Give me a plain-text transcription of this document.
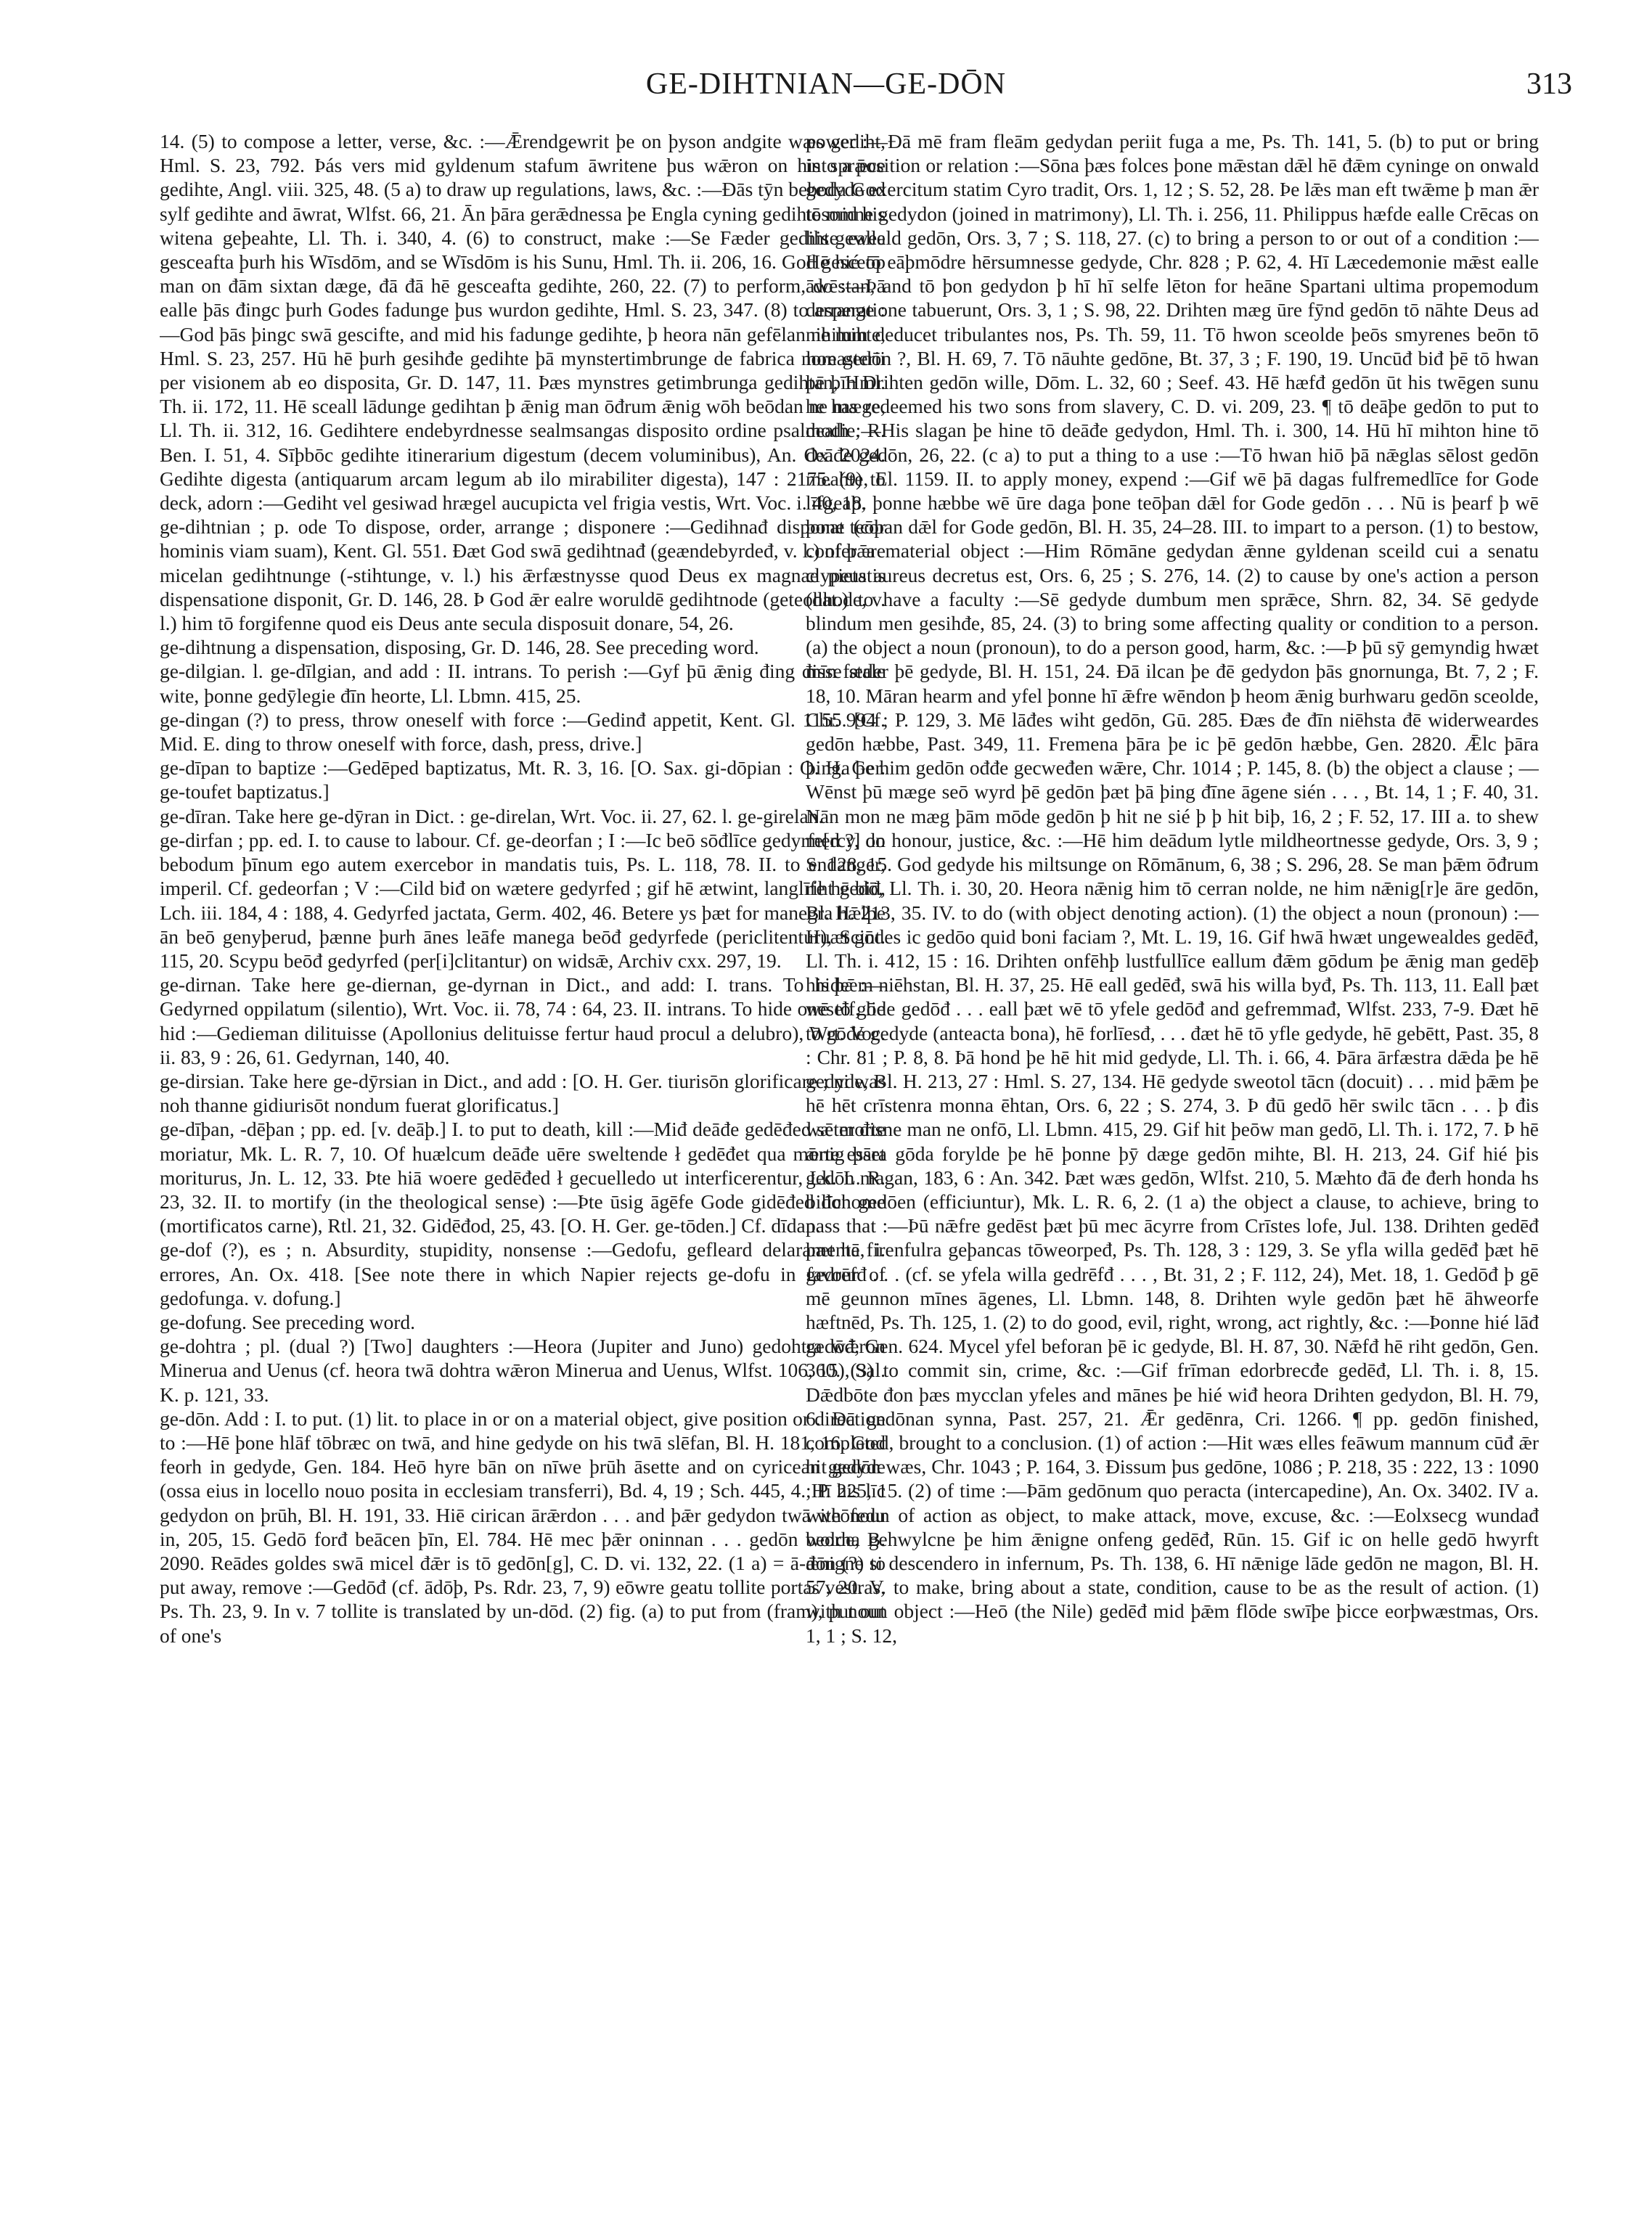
GE-DIHTNIAN—GE-DŌN	313

14. (5) to compose a letter, verse, &c. :—Ǣrendgewrit þe on þyson andgite wæs gediht, Hml. S. 23, 792. Þás vers mid gyldenum stafum āwritene þus wǣron on his sprǣce gedihte, Angl. viii. 325, 48. (5 a) to draw up regulations, laws, &c. :—Đās tȳn beboda God sylf gedihte and āwrat, Wlfst. 66, 21. Ān þāra gerǣdnessa þe Engla cyning gedihte mid his witena geþeahte, Ll. Th. i. 340, 4. (6) to construct, make :—Se Fæder gedihte ealle gesceafta þurh his Wīsdōm, and se Wīsdōm is his Sunu, Hml. Th. ii. 206, 16. God gesceōp man on đām sixtan dæge, đā đā hē gesceafta gedihte, 260, 22. (7) to perform, do :—Þā ealle þās đingc þurh Godes fadunge þus wurdon gedihte, Hml. S. 23, 347. (8) to arrange :—God þās þingc swā gescifte, and mid his fadunge gedihte, þ heora nān gefēlan ne mihte, Hml. S. 23, 257. Hū hē þurh gesihđe gedihte þā mynstertimbrunge de fabrica monasterii per visionem ab eo disposita, Gr. D. 147, 11. Þæs mynstres getimbrunga gedihtan, Hml. Th. ii. 172, 11. Hē sceall lādunge gedihtan þ ǣnig man ōđrum ǣnig wōh beōdan ne mæge, Ll. Th. ii. 312, 16. Gedihtere endebyrdnesse sealmsangas disposito ordine psalmodie, R. Ben. I. 51, 4. Sīþbōc gedihte itinerarium digestum (decem voluminibus), An. Ox. 2024. Gedihte digesta (antiquarum arcam legum ab ilo mirabiliter digesta), 147 : 2175. (9) to deck, adorn :—Gediht vel gesiwad hrægel aucupicta vel frigia vestis, Wrt. Voc. i. 40, 18.

ge-dihtnian ; p. ode To dispose, order, arrange ; disponere :—Gedihnađ disponat (cor hominis viam suam), Kent. Gl. 551. Đæt God swā gedihtnađ (geændebyrdeđ, v. l.) of þǣre micelan gedihtnunge (-stihtunge, v. l.) his ǣrfæstnysse quod Deus ex magnae pietatis dispensatione disponit, Gr. D. 146, 28. Þ God ǣr ealre woruldē gedihtnode (geteohhode, v. l.) him tō forgifenne quod eis Deus ante secula disposuit donare, 54, 26.

ge-dihtnung a dispensation, disposing, Gr. D. 146, 28. See preceding word.

ge-dilgian. l. ge-dīlgian, and add : II. intrans. To perish :—Gyf þū ǣnig đing đisse stale wite, þonne gedȳlegie đīn heorte, Ll. Lbmn. 415, 25.

ge-dingan (?) to press, throw oneself with force :—Gedinđ appetit, Kent. Gl. 1155. [Cf. Mid. E. ding to throw oneself with force, dash, press, drive.]

ge-dīpan to baptize :—Gedēped baptizatus, Mt. R. 3, 16. [O. Sax. gi-dōpian : O. H. Ger. ge-toufet baptizatus.]

ge-dīran. Take here ge-dȳran in Dict. : ge-direlan, Wrt. Voc. ii. 27, 62. l. ge-girelan.

ge-dirfan ; pp. ed. I. to cause to labour. Cf. ge-deorfan ; I :—Ic beō sōđlīce gedyrfe[d ?] on bebodum þīnum ego autem exercebor in mandatis tuis, Ps. L. 118, 78. II. to endanger, imperil. Cf. gedeorfan ; V :—Cild biđ on wætere gedyrfed ; gif hē ætwint, langlīfe hē biđ, Lch. iii. 184, 4 : 188, 4. Gedyrfed jactata, Germ. 402, 46. Betere ys þæt for manegra hǣlþe ān beō genyþerud, þænne þurh ānes leāfe manega beōđ gedyrfede (periclitentur), Scint. 115, 20. Scypu beōđ gedyrfed (per[i]clitantur) on widsǣ, Archiv cxx. 297, 19.

ge-dirnan. Take here ge-diernan, ge-dyrnan in Dict., and add: I. trans. To hide :—Gedyrned oppilatum (silentio), Wrt. Voc. ii. 78, 74 : 64, 23. II. intrans. To hide oneself, lie hid :—Gedieman dilituisse (Apollonius delituisse fertur haud procul a delubro), Wrt. Voc. ii. 83, 9 : 26, 61. Gedyrnan, 140, 40.

ge-dirsian. Take here ge-dȳrsian in Dict., and add : [O. H. Ger. tiurisōn glorificare ; ni was noh thanne gidiurisōt nondum fuerat glorificatus.]

ge-dīþan, -dēþan ; pp. ed. [v. deāþ.] I. to put to death, kill :—Miđ deāđe gedēđed sē morte moriatur, Mk. L. R. 7, 10. Of huælcum deāđe uēre sweltende ł gedēđet qua morte esset moriturus, Jn. L. 12, 33. Þte hiā woere gedēđed ł gecuelledo ut interficerentur, Lk. L. R. 23, 32. II. to mortify (in the theological sense) :—Þte ūsig āgēfe Gode gidēđed līchome (mortificatos carne), Rtl. 21, 32. Gidēđod, 25, 43. [O. H. Ger. ge-tōden.] Cf. dīdan.

ge-dof (?), es ; n. Absurdity, stupidity, nonsense :—Gedofu, gefleard delaramenta, i. errores, An. Ox. 418. [See note there in which Napier rejects ge-dofu in favour of gedofunga. v. dofung.]

ge-dofung. See preceding word.

ge-dohtra ; pl. (dual ?) [Two] daughters :—Heora (Jupiter and Juno) gedohtra wǣron Minerua and Uenus (cf. heora twā dohtra wǣron Minerua and Uenus, Wlfst. 106, 15), Sal. K. p. 121, 33.

ge-dōn. Add : I. to put. (1) lit. to place in or on a material object, give position or direction to :—Hē þone hlāf tōbræc on twā, and hine gedyde on his twā slēfan, Bl. H. 181, 16. God feorh in gedyde, Gen. 184. Heō hyre bān on nīwe þrūh āsette and on cyricean gedyde (ossa eius in locello nouo posita in ecclesiam transferri), Bd. 4, 19 ; Sch. 445, 4. Hī his līc gedydon on þrūh, Bl. H. 191, 33. Hiē cirican ārǣrdon . . . and þǣr gedydon twā weōfedu in, 205, 15. Gedō forđ beācen þīn, El. 784. Hē mec þǣr oninnan . . . gedōn wolde, B. 2090. Reādes goldes swā micel đǣr is tō gedōn[g], C. D. vi. 132, 22. (1 a) = ā-dōn (?) to put away, remove :—Gedōđ (cf. ādōþ, Ps. Rdr. 23, 7, 9) eōwre geatu tollite portas vestras, Ps. Th. 23, 9. In v. 7 tollite is translated by un-dōd. (2) fig. (a) to put from (fram), put out of one's

power :—Đā mē fram fleām gedydan periit fuga a me, Ps. Th. 141, 5. (b) to put or bring into a position or relation :—Sōna þæs folces þone mǣstan dǣl hē đǣm cyninge on onwald gedyde exercitum statim Cyro tradit, Ors. 1, 12 ; S. 52, 28. Þe lǣs man eft twǣme þ man ǣr tōsomne gedydon (joined in matrimony), Ll. Th. i. 256, 11. Philippus hæfde ealle Crēcas on his geweald gedōn, Ors. 3, 7 ; S. 118, 27. (c) to bring a person to or out of a condition :—Hē hié tō eāþmōdre hērsumnesse gedyde, Chr. 828 ; P. 62, 4. Hī Læcedemonie mǣst ealle āwēstan, and tō þon gedydon þ hī hī selfe lēton for heāne Spartani ultima propemodum desperatione tabuerunt, Ors. 3, 1 ; S. 98, 22. Drihten mæg ūre fȳnd gedōn tō nāhte Deus ad nihilum deducet tribulantes nos, Ps. Th. 59, 11. Tō hwon sceolde þeōs smyrenes beōn tō lore gedōn ?, Bl. H. 69, 7. Tō nāuhte gedōne, Bt. 37, 3 ; F. 190, 19. Uncūđ biđ þē tō hwan þē þīn Drihten gedōn wille, Dōm. L. 32, 60 ; Seef. 43. Hē hæfđ gedōn ūt his twēgen sunu he has redeemed his two sons from slavery, C. D. vi. 209, 23. ¶ tō deāþe gedōn to put to death :—His slagan þe hine tō deāđe gedydon, Hml. Th. i. 300, 14. Hū hī mihton hine tō deāđe gedōn, 26, 22. (c a) to put a thing to a use :—Tō hwan hiō þā nǣglas sēlost gedōn meahte, El. 1159. II. to apply money, expend :—Gif wē þā dagas fulfremedlīce for Gode līfgeaþ, þonne hæbbe wē ūre daga þone teōþan dǣl for Gode gedōn . . . Nū is þearf þ wē þone teōþan dǣl for Gode gedōn, Bl. H. 35, 24–28. III. to impart to a person. (1) to bestow, confer a material object :—Him Rōmāne gedydan ǣnne gyldenan sceild cui a senatu clypeus aureus decretus est, Ors. 6, 25 ; S. 276, 14. (2) to cause by one's action a person (dat.) to have a faculty :—Sē gedyde dumbum men sprǣce, Shrn. 82, 34. Sē gedyde blindum men gesihđe, 85, 24. (3) to bring some affecting quality or condition to a person. (a) the object a noun (pronoun), to do a person good, harm, &c. :—Þ þū sȳ gemyndig hwæt mīn fæder þē gedyde, Bl. H. 151, 24. Đā ilcan þe đē gedydon þās gnornunga, Bt. 7, 2 ; F. 18, 10. Māran hearm and yfel þonne hī ǣfre wēndon þ heom ǣnig burhwaru gedōn sceolde, Chr. 994 ; P. 129, 3. Mē lāđes wiht gedōn, Gū. 285. Đæs đe đīn niēhsta đē widerweardes gedōn hæbbe, Past. 349, 11. Fremena þāra þe ic þē gedōn hæbbe, Gen. 2820. Ǣlc þāra þinga þe him gedōn ođđe gecweđen wǣre, Chr. 1014 ; P. 145, 8. (b) the object a clause ; —Wēnst þū mæge seō wyrd þē gedōn þæt þā þing đīne āgene sién . . . , Bt. 14, 1 ; F. 40, 31. Nān mon ne mæg þām mōde gedōn þ hit ne sié þ þ hit biþ, 16, 2 ; F. 52, 17. III a. to shew mercy, do honour, justice, &c. :—Hē him deādum lytle mildheortnesse gedyde, Ors. 3, 9 ; S. 128, 15. God gedyde his miltsunge on Rōmānum, 6, 38 ; S. 296, 28. Se man þǣm ōđrum riht gedō, Ll. Th. i. 30, 20. Heora nǣnig him tō cerran nolde, ne him nǣnig[r]e āre gedōn, Bl. H. 213, 35. IV. to do (with object denoting action). (1) the object a noun (pronoun) :—Huæt gōdes ic gedōo quid boni faciam ?, Mt. L. 19, 16. Gif hwā hwæt ungewealdes gedēđ, Ll. Th. i. 412, 15 : 16. Drihten onfēhþ lustfullīce eallum đǣm gōdum þe ǣnig man gedēþ his þǣm niēhstan, Bl. H. 37, 25. Hē eall gedēđ, swā his willa byđ, Ps. Th. 113, 11. Eall þæt wē tō gōde gedōđ . . . eall þæt wē tō yfele gedōđ and gefremmađ, Wlfst. 233, 7-9. Đæt hē tō gōde gedyde (anteacta bona), hē forlīesđ, . . . đæt hē tō yfle gedyde, hē gebētt, Past. 35, 8 : Chr. 81 ; P. 8, 8. Þā hond þe hē hit mid gedyde, Ll. Th. i. 66, 4. Þāra ārfæstra dǣda þe hē gedyde, Bl. H. 213, 27 : Hml. S. 27, 134. Hē gedyde sweotol tācn (docuit) . . . mid þǣm þe hē hēt crīstenra monna ēhtan, Ors. 6, 22 ; S. 274, 3. Þ đū gedō hēr swilc tācn . . . þ đis wæter đisne man ne onfō, Ll. Lbmn. 415, 29. Gif hit þeōw man gedō, Ll. Th. i. 172, 7. Þ hē ǣnig þāra gōda forylde þe hē þonne þȳ dæge gedōn mihte, Bl. H. 213, 24. Gif hié þis gedōn magan, 183, 6 : An. 342. Þæt wæs gedōn, Wlfst. 210, 5. Mæhto đā đe đerh honda hs biđon gedōen (efficiuntur), Mk. L. R. 6, 2. (1 a) the object a clause, to achieve, bring to pass that :—Þū nǣfre gedēst þæt þū mec ācyrre from Crīstes lofe, Jul. 138. Drihten gedēđ þæt hē firenfulra geþancas tōweorpeđ, Ps. Th. 128, 3 : 129, 3. Se yfla willa gedēđ þæt hē gedrēfđ . . . (cf. se yfela willa gedrēfđ . . . , Bt. 31, 2 ; F. 112, 24), Met. 18, 1. Gedōđ þ gē mē geunnon mīnes āgenes, Ll. Lbmn. 148, 8. Drihten wyle gedōn þæt hē āhweorfe hæftnēd, Ps. Th. 125, 1. (2) to do good, evil, right, wrong, act rightly, &c. :—Þonne hié lāđ gedōđ, Gen. 624. Mycel yfel beforan þē ic gedyde, Bl. H. 87, 30. Nǣfđ hē riht gedōn, Gen. 360. (3) to commit sin, crime, &c. :—Gif frīman edorbrecđe gedēđ, Ll. Th. i. 8, 15. Dǣdbōte đon þæs mycclan yfeles and mānes þe hié wiđ heora Drihten gedydon, Bl. H. 79, 6. Đā gedōnan synna, Past. 257, 21. Ǣr gedēnra, Cri. 1266. ¶ pp. gedōn finished, completed, brought to a conclusion. (1) of action :—Hit wæs elles feāwum mannum cūđ ǣr hit gedōn wæs, Chr. 1043 ; P. 164, 3. Đissum þus gedōne, 1086 ; P. 218, 35 : 222, 13 : 1090 ; P. 225, 15. (2) of time :—Þām gedōnum quo peracta (intercapedine), An. Ox. 3402. IV a. with noun of action as object, to make attack, move, excuse, &c. :—Eolxsecg wundađ beorna gehwylcne þe him ǣnigne onfeng gedēđ, Rūn. 15. Gif ic on helle gedō hwyrft ǣnigne si descendero in infernum, Ps. Th. 138, 6. Hī nǣnige lāde gedōn ne magon, Bl. H. 57, 20. V. to make, bring about a state, condition, cause to be as the result of action. (1) with noun object :—Heō (the Nile) gedēđ mid þǣm flōde swīþe þicce eorþwæstmas, Ors. 1, 1 ; S. 12,
